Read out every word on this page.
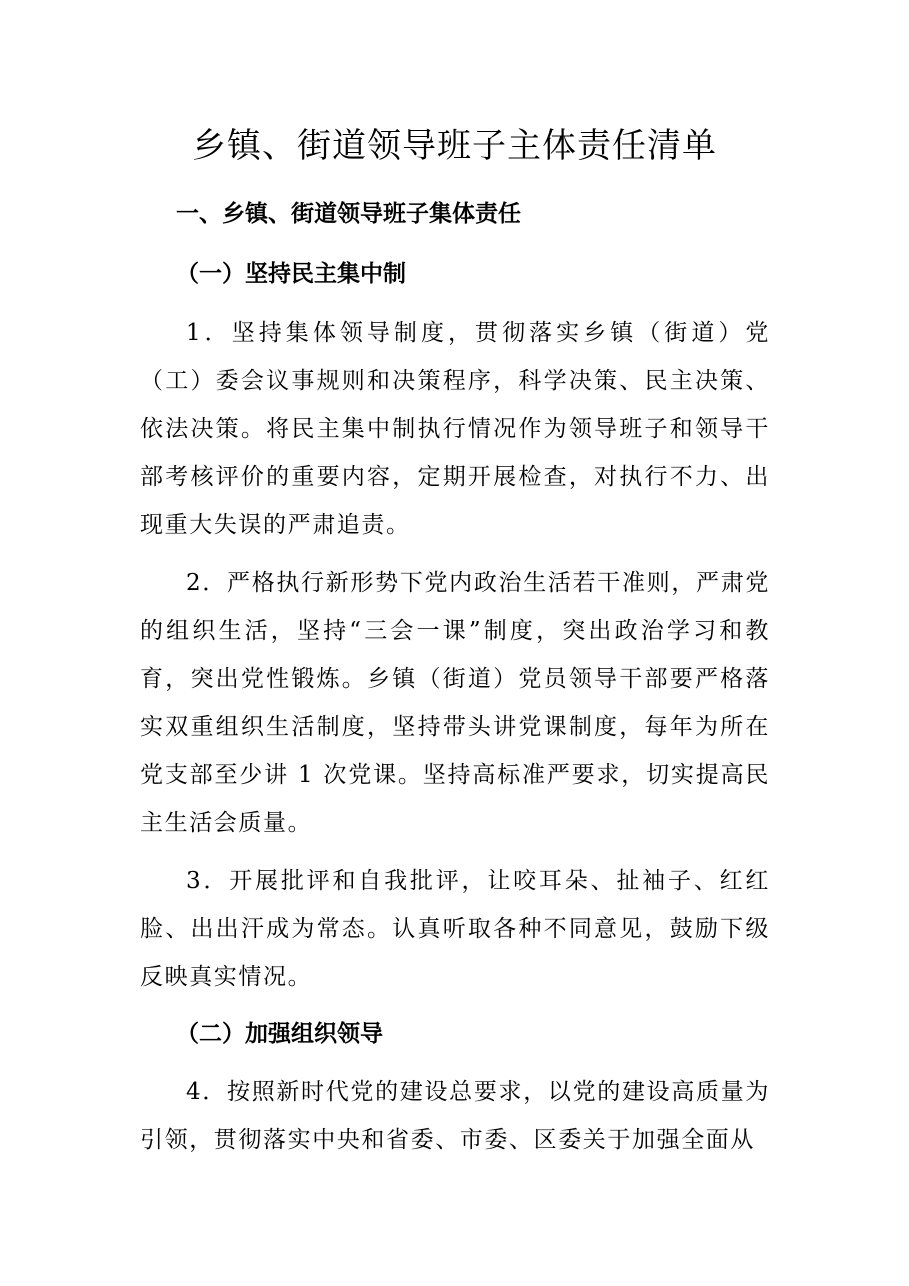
乡镇、街道领导班子主体责任清单
一、乡镇、街道领导班子集体责任
（一）坚持民主集中制

1．坚持集体领导制度，贯彻落实乡镇（街道）党（工）委会议事规则和决策程序，科学决策、民主决策、依法决策。将民主集中制执行情况作为领导班子和领导干部考核评价的重要内容，定期开展检查，对执行不力、出现重大失误的严肃追责。

2．严格执行新形势下党内政治生活若干准则，严肃党的组织生活，坚持“三会一课”制度，突出政治学习和教育，突出党性锻炼。乡镇（街道）党员领导干部要严格落实双重组织生活制度，坚持带头讲党课制度，每年为所在党支部至少讲 1 次党课。坚持高标准严要求，切实提高民主生活会质量。

3．开展批评和自我批评，让咬耳朵、扯袖子、红红脸、出出汗成为常态。认真听取各种不同意见，鼓励下级反映真实情况。

（二）加强组织领导

4．按照新时代党的建设总要求，以党的建设高质量为引领，贯彻落实中央和省委、市委、区委关于加强全面从
